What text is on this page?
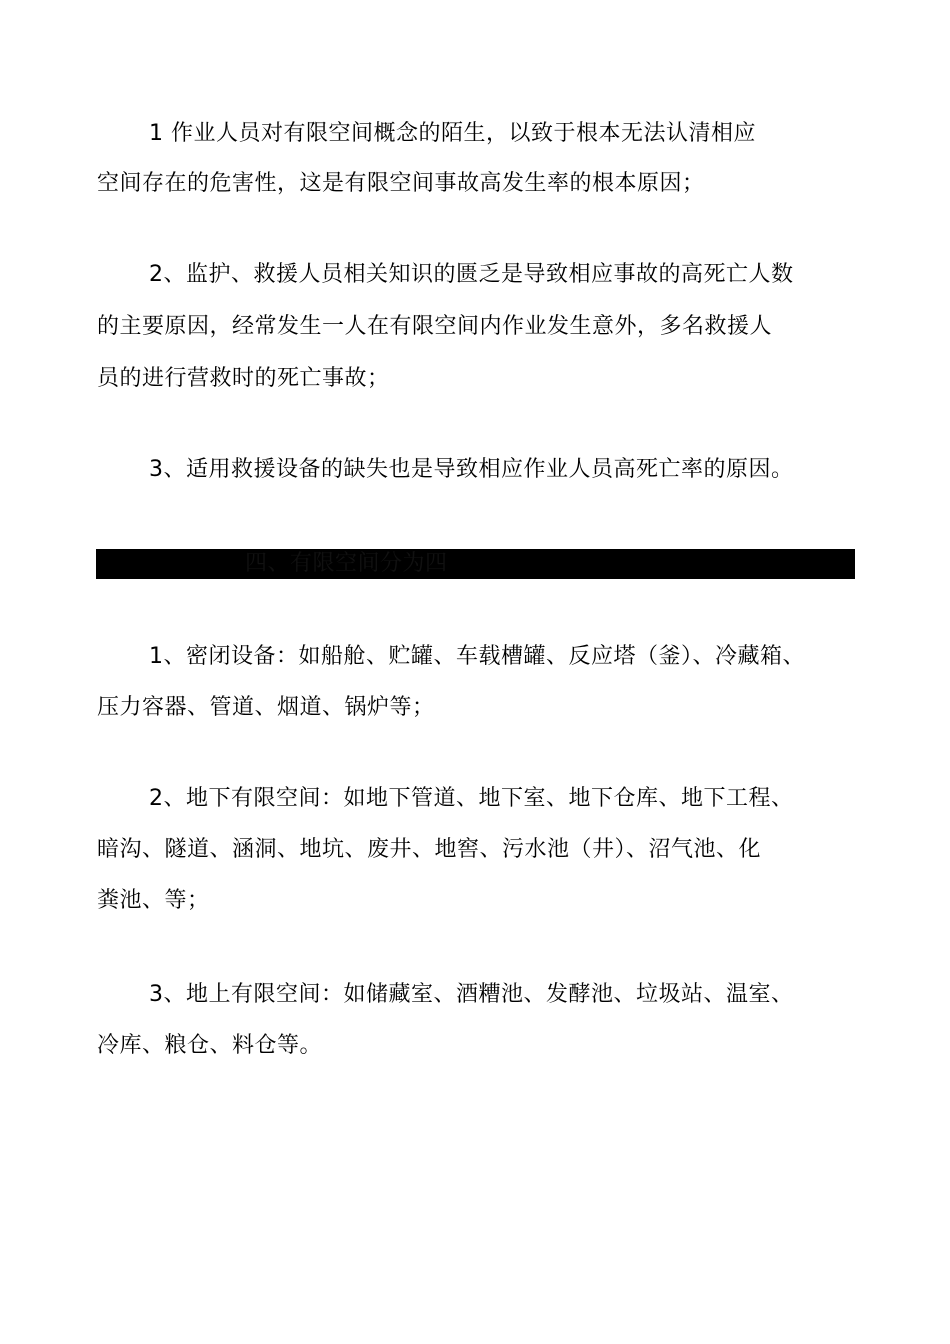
1 作业人员对有限空间概念的陌生，以致于根本无法认清相应
空间存在的危害性，这是有限空间事故高发生率的根本原因；
2、监护、救援人员相关知识的匮乏是导致相应事故的高死亡人数
的主要原因，经常发生一人在有限空间内作业发生意外，多名救援人
员的进行营救时的死亡事故；
3、适用救援设备的缺失也是导致相应作业人员高死亡率的原因。
四、有限空间分为四
1、密闭设备：如船舱、贮罐、车载槽罐、反应塔（釜）、冷藏箱、
压力容器、管道、烟道、锅炉等；
2、地下有限空间：如地下管道、地下室、地下仓库、地下工程、
暗沟、隧道、涵洞、地坑、废井、地窖、污水池（井）、沼气池、化
粪池、等；
3、地上有限空间：如储藏室、酒糟池、发酵池、垃圾站、温室、
冷库、粮仓、料仓等。
